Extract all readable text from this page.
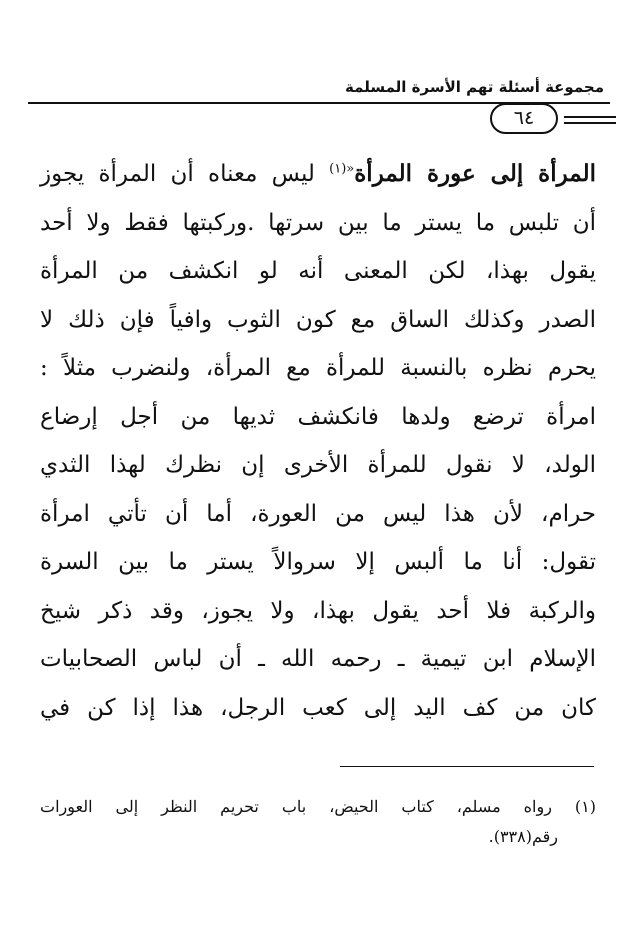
مجموعة أسئلة تهم الأسرة المسلمة
٦٤
المرأة إلى عورة المرأة$^{«(١)}$ ليس معناه أن المرأة يجوز
أن تلبس ما يستر ما بين سرتها .وركبتها فقط ولا أحد
يقول بهذا، لكن المعنى أنه لو انكشف من المرأة
الصدر وكذلك الساق مع كون الثوب وافياً فإن ذلك لا
يحرم نظره بالنسبة للمرأة مع المرأة، ولنضرب مثلاً :
امرأة ترضع ولدها فانكشف ثديها من أجل إرضاع
الولد، لا نقول للمرأة الأخرى إن نظرك لهذا الثدي
حرام، لأن هذا ليس من العورة، أما أن تأتي امرأة
تقول: أنا ما ألبس إلا سروالاً يستر ما بين السرة
والركبة فلا أحد يقول بهذا، ولا يجوز، وقد ذكر شيخ
الإسلام ابن تيمية ـ رحمه الله ـ أن لباس الصحابيات
كان من كف اليد إلى كعب الرجل، هذا إذا كن في
(١) رواه مسلم، كتاب الحيض، باب تحريم النظر إلى العورات
رقم(٣٣٨).
